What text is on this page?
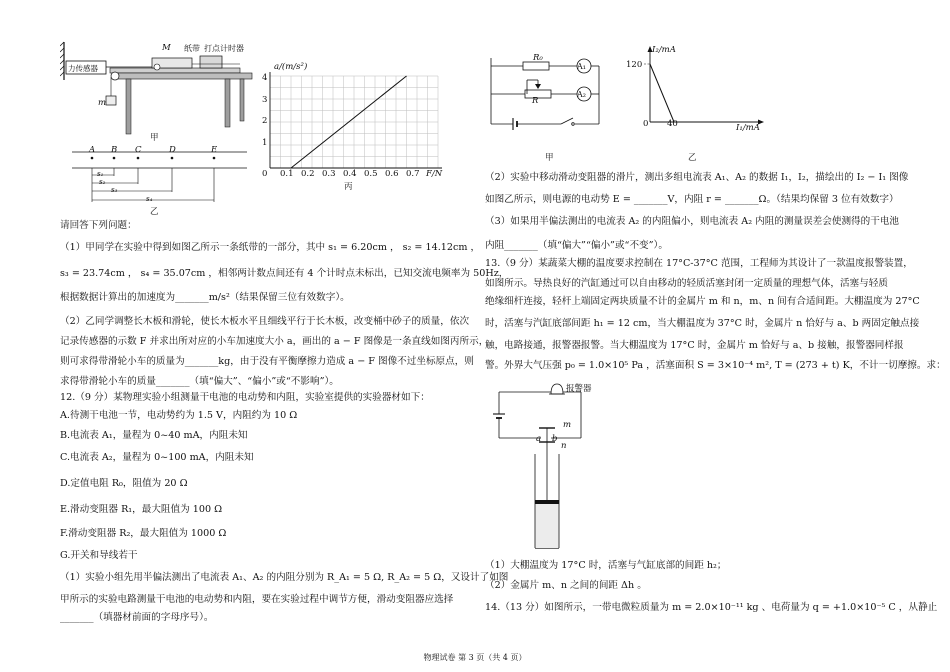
力传感器
M 纸带 打点计时器
m
甲
A B C	D	E
s₁
s₂
s₃
s₄
乙
a/(m/s²)
F/N
0
1
2
3
4
0.1 0.2 0.3 0.4 0.5 0.6 0.7
丙
请回答下列问题：
（1）甲同学在实验中得到如图乙所示一条纸带的一部分，其中 s₁ = 6.20cm ， s₂ = 14.12cm ，
s₃ = 23.74cm ， s₄ = 35.07cm ，相邻两计数点间还有 4 个计时点未标出，已知交流电频率为 50Hz，
根据数据计算出的加速度为_______m/s²（结果保留三位有效数字）。
（2）乙同学调整长木板和滑轮，使长木板水平且细线平行于长木板，改变桶中砂子的质量，依次
记录传感器的示数 F 并求出所对应的小车加速度大小 a，画出的 a − F 图像是一条直线如图丙所示，
则可求得带滑轮小车的质量为_______kg，由于没有平衡摩擦力造成 a − F 图像不过坐标原点，则
求得带滑轮小车的质量_______（填“偏大”、“偏小”或“不影响”）。
12.（9 分）某物理实验小组测量干电池的电动势和内阻，实验室提供的实验器材如下：
A.待测干电池一节，电动势约为 1.5 V，内阻约为 10 Ω
B.电流表 A₁，量程为 0~40 mA，内阻未知
C.电流表 A₂，量程为 0~100 mA，内阻未知
D.定值电阻 R₀，阻值为 20 Ω
E.滑动变阻器 R₁，最大阻值为 100 Ω
F.滑动变阻器 R₂，最大阻值为 1000 Ω
G.开关和导线若干
（1）实验小组先用半偏法测出了电流表 A₁、A₂ 的内阻分别为 R_A₁ = 5 Ω, R_A₂ = 5 Ω，又设计了如图
甲所示的实验电路测量干电池的电动势和内阻，要在实验过程中调节方便，滑动变阻器应选择
_______（填器材前面的字母序号）。
R₀
R
A₁
A₂
甲
I₂/mA
I₁/mA
120
40
0
乙
（2）实验中移动滑动变阻器的滑片，测出多组电流表 A₁、A₂ 的数据 I₁，I₂，描绘出的 I₂ − I₁ 图像
如图乙所示，则电源的电动势 E = _______V，内阻 r = _______Ω。（结果均保留 3 位有效数字）
（3）如果用半偏法测出的电流表 A₂ 的内阻偏小，则电流表 A₂ 内阻的测量误差会使测得的干电池
内阻_______（填“偏大”“偏小”或“不变”）。
13.（9 分）某蔬菜大棚的温度要求控制在 17°C-37°C 范围，工程师为其设计了一款温度报警装置，
如图所示。导热良好的汽缸通过可以自由移动的轻质活塞封闭一定质量的理想气体，活塞与轻质
绝缘细杆连接，轻杆上端固定两块质量不计的金属片 m 和 n，m、n 间有合适间距。大棚温度为 27°C
时，活塞与汽缸底部间距 h₁ = 12 cm，当大棚温度为 37°C 时，金属片 n 恰好与 a、b 两固定触点接
触，电路接通，报警器报警。当大棚温度为 17°C 时，金属片 m 恰好与 a、b 接触，报警器同样报
警。外界大气压强 p₀ = 1.0×10⁵ Pa ，活塞面积 S = 3×10⁻⁴ m², T = (273 + t) K，不计一切摩擦。求：
报警器
m
n
a b
（1）大棚温度为 17°C 时，活塞与气缸底部的间距 h₂；
（2）金属片 m、n 之间的间距 Δh 。
14.（13 分）如图所示，一带电微粒质量为 m = 2.0×10⁻¹¹ kg 、电荷量为 q = +1.0×10⁻⁵ C ，从静止
物理试卷 第 3 页（共 4 页）
